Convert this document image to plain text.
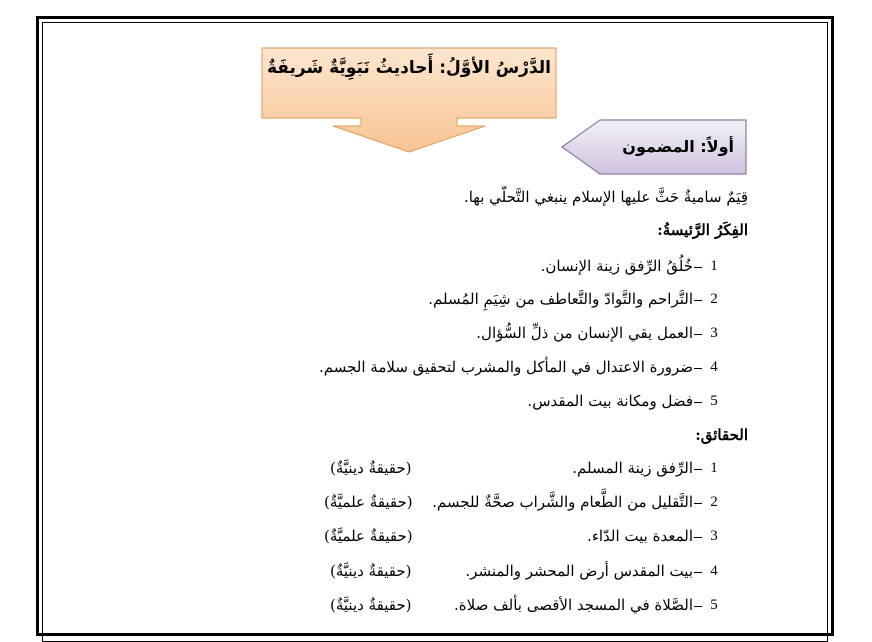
الدَّرْسُ الأوَّلُ: أَحاديثُ نَبَوِيَّةٌ شَريفَةٌ
أولاً: المضمون
قِيَمٌ ساميةٌ حَثَّ عليها الإسلام ينبغي التَّحلّي بها.
الفِكَرُ الرَّئيسةُ:
1
خُلُقُ الرِّفق زينة الإنسان.
2
التَّراحم والتَّوادّ والتَّعاطف من شِيَمِ المُسلم.
3
العمل يقي الإنسان من ذلِّ السُّؤال.
4
ضرورة الاعتدال في المأكل والمشرب لتحقيق سلامة الجسم.
5
فضل ومكانة بيت المقدس.
الحقائق:
1
الرِّفق زينة المسلم.
(حقيقةٌ دينيَّةٌ)
2
التَّقليل من الطَّعام والشَّراب صحَّةٌ للجسم.
(حقيقةٌ علميَّةٌ)
3
المعدة بيت الدّاء.
(حقيقةٌ علميَّةٌ)
4
بيت المقدس أرض المحشر والمنشر.
(حقيقةٌ دينيَّةٌ)
5
الصَّلاة في المسجد الأقصى بألف صلاة.
(حقيقةٌ دينيَّةٌ)
